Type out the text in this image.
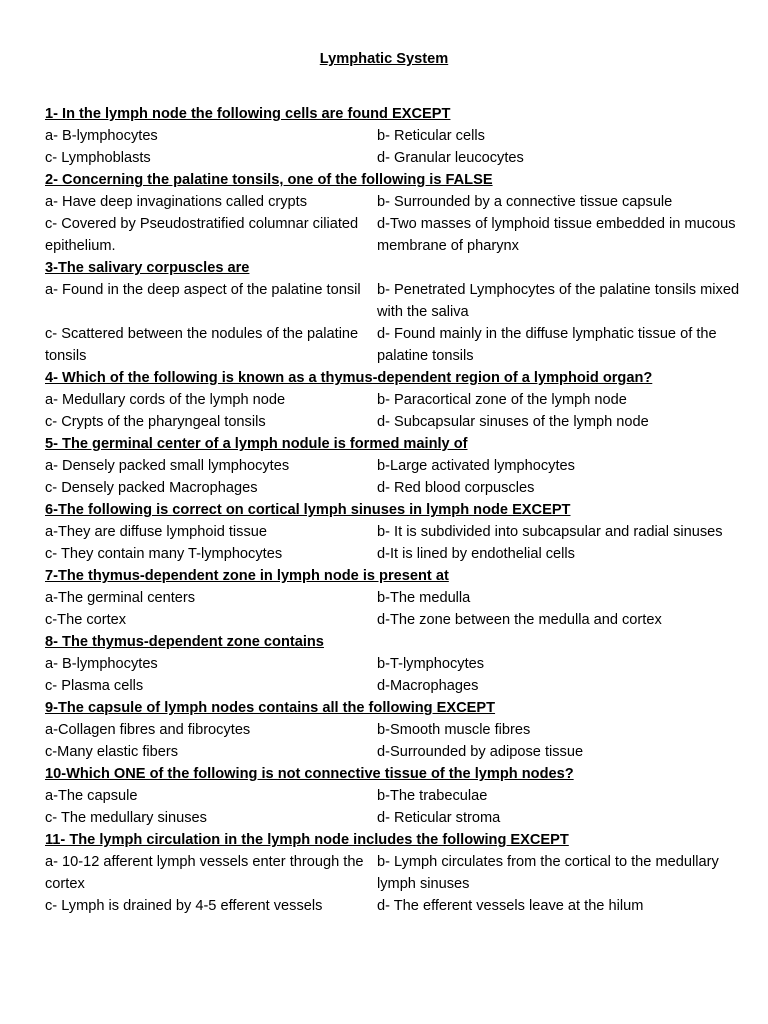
Lymphatic System
1- In the lymph node the following cells are found EXCEPT
a- B-lymphocytes	b- Reticular cells
c- Lymphoblasts	d- Granular leucocytes
2- Concerning the palatine tonsils, one of the following is FALSE
a- Have deep invaginations called crypts	b- Surrounded by a connective tissue capsule
c- Covered by Pseudostratified columnar ciliated epithelium.
d-Two masses of lymphoid tissue embedded in mucous membrane of pharynx
3-The salivary corpuscles are
a- Found in the deep aspect of the palatine tonsil	b- Penetrated Lymphocytes of the palatine tonsils mixed with the saliva
c- Scattered between the nodules of the palatine tonsils
d- Found mainly in the diffuse lymphatic tissue of the palatine tonsils
4- Which of the following is known as a thymus-dependent region of a lymphoid organ?
a- Medullary cords of the lymph node	b- Paracortical zone of the lymph node
c- Crypts of the pharyngeal tonsils	d- Subcapsular sinuses of the lymph node
5- The germinal center of a lymph nodule is formed mainly of
a- Densely packed small lymphocytes	b-Large activated lymphocytes
c- Densely packed Macrophages	d- Red blood corpuscles
6-The following is correct on cortical lymph sinuses in lymph node EXCEPT
a-They are diffuse lymphoid tissue	b- It is subdivided into subcapsular and radial sinuses
c- They contain many T-lymphocytes	d-It is lined by endothelial cells
7-The thymus-dependent zone in lymph node is present at
a-The germinal centers	b-The medulla
c-The cortex	d-The zone between the medulla and cortex
8- The thymus-dependent zone contains
a- B-lymphocytes	b-T-lymphocytes
c- Plasma cells	d-Macrophages
9-The capsule of lymph nodes contains all the following EXCEPT
a-Collagen fibres and fibrocytes	b-Smooth muscle fibres
c-Many elastic fibers	d-Surrounded by adipose tissue
10-Which ONE of the following is not connective tissue of the lymph nodes?
a-The capsule	b-The trabeculae
c- The medullary sinuses	d- Reticular stroma
11- The lymph circulation in the lymph node includes the following EXCEPT
a- 10-12 afferent lymph vessels enter through the cortex
b- Lymph circulates from the cortical to the medullary lymph sinuses
c- Lymph is drained by 4-5 efferent vessels	d- The efferent vessels leave at the hilum
